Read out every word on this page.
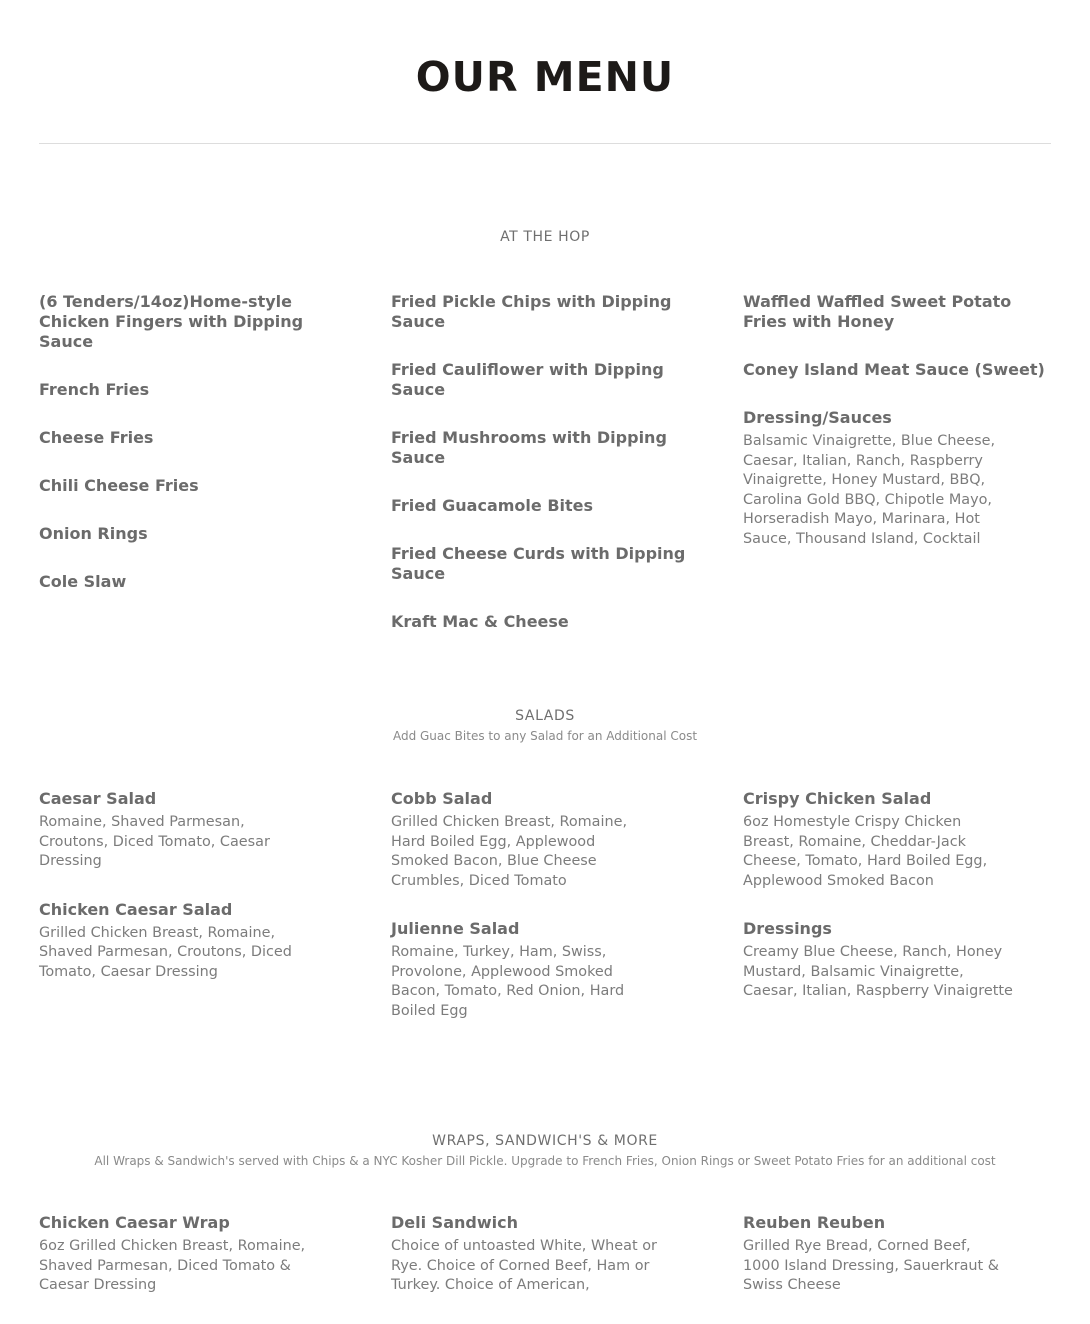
OUR MENU
AT THE HOP
(6 Tenders/14oz)Home-style Chicken Fingers with Dipping Sauce
French Fries
Cheese Fries
Chili Cheese Fries
Onion Rings
Cole Slaw
Fried Pickle Chips with Dipping Sauce
Fried Cauliflower with Dipping Sauce
Fried Mushrooms with Dipping Sauce
Fried Guacamole Bites
Fried Cheese Curds with Dipping Sauce
Kraft Mac & Cheese
Waffled Waffled Sweet Potato Fries with Honey
Coney Island Meat Sauce (Sweet)
Dressing/Sauces
Balsamic Vinaigrette, Blue Cheese, Caesar, Italian, Ranch, Raspberry Vinaigrette, Honey Mustard, BBQ, Carolina Gold BBQ, Chipotle Mayo, Horseradish Mayo, Marinara, Hot Sauce, Thousand Island, Cocktail
SALADS
Add Guac Bites to any Salad for an Additional Cost
Caesar Salad
Romaine, Shaved Parmesan, Croutons, Diced Tomato, Caesar Dressing
Chicken Caesar Salad
Grilled Chicken Breast, Romaine, Shaved Parmesan, Croutons, Diced Tomato, Caesar Dressing
Cobb Salad
Grilled Chicken Breast, Romaine, Hard Boiled Egg, Applewood Smoked Bacon, Blue Cheese Crumbles, Diced Tomato
Julienne Salad
Romaine, Turkey, Ham, Swiss, Provolone, Applewood Smoked Bacon, Tomato, Red Onion, Hard Boiled Egg
Crispy Chicken Salad
6oz Homestyle Crispy Chicken Breast, Romaine, Cheddar-Jack Cheese, Tomato, Hard Boiled Egg, Applewood Smoked Bacon
Dressings
Creamy Blue Cheese, Ranch, Honey Mustard, Balsamic Vinaigrette, Caesar, Italian, Raspberry Vinaigrette
WRAPS, SANDWICH'S & MORE
All Wraps & Sandwich's served with Chips & a NYC Kosher Dill Pickle. Upgrade to French Fries, Onion Rings or Sweet Potato Fries for an additional cost
Chicken Caesar Wrap
6oz Grilled Chicken Breast, Romaine, Shaved Parmesan, Diced Tomato & Caesar Dressing
Deli Sandwich
Choice of untoasted White, Wheat or Rye. Choice of Corned Beef, Ham or Turkey. Choice of American,
Reuben Reuben
Grilled Rye Bread, Corned Beef, 1000 Island Dressing, Sauerkraut & Swiss Cheese
